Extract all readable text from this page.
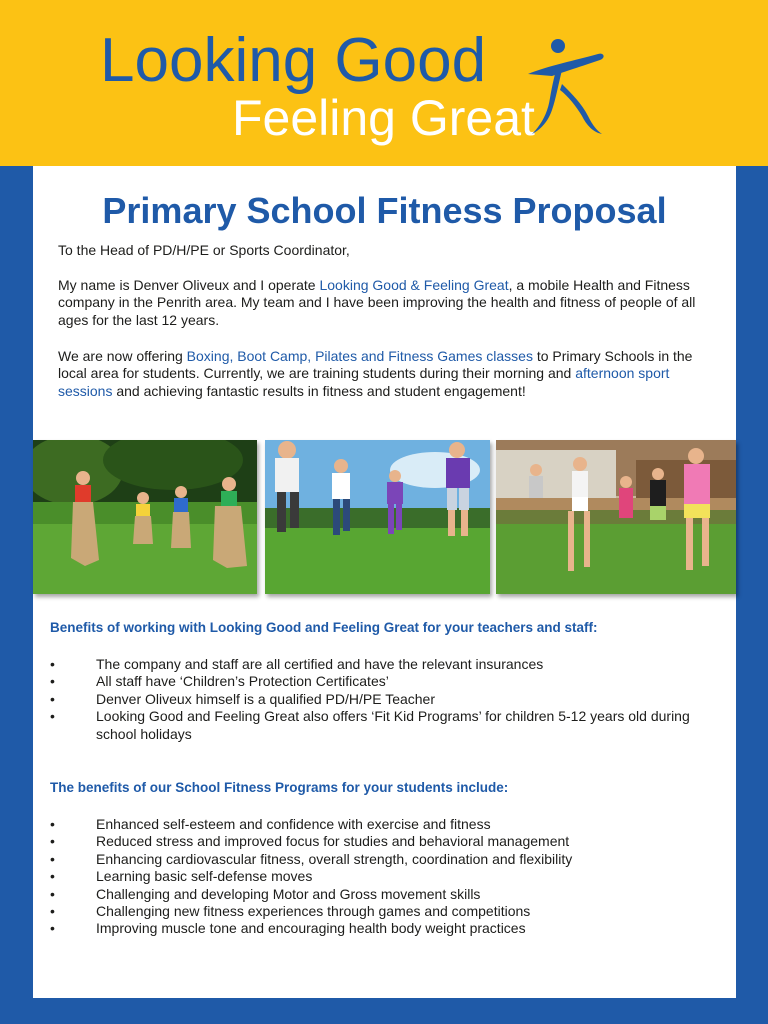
Looking Good
Feeling Great
Primary School Fitness Proposal

To the Head of PD/H/PE or Sports Coordinator,

My name is Denver Oliveux and I operate Looking Good & Feeling Great, a mobile Health and Fitness company in the Penrith area. My team and I have been improving the health and fitness of people of all ages for the last 12 years.

We are now offering Boxing, Boot Camp, Pilates and Fitness Games classes to Primary Schools in the local area for students. Currently, we are training students during their morning and afternoon sport sessions and achieving fantastic results in fitness and student engagement!

Benefits of working with Looking Good and Feeling Great for your teachers and staff:
•	The company and staff are all certified and have the relevant insurances
•	All staff have ‘Children’s Protection Certificates’
•	Denver Oliveux himself is a qualified PD/H/PE Teacher
•	Looking Good and Feeling Great also offers ‘Fit Kid Programs’ for children 5-12 years old during school holidays
The benefits of our School Fitness Programs for your students include:
•	Enhanced self-esteem and confidence with exercise and fitness
•	Reduced stress and improved focus for studies and behavioral management
•	Enhancing cardiovascular fitness, overall strength, coordination and flexibility
•	Learning basic self-defense moves
•	Challenging and developing Motor and Gross movement skills
•	Challenging new fitness experiences through games and competitions
•	Improving muscle tone and encouraging health body weight practices
